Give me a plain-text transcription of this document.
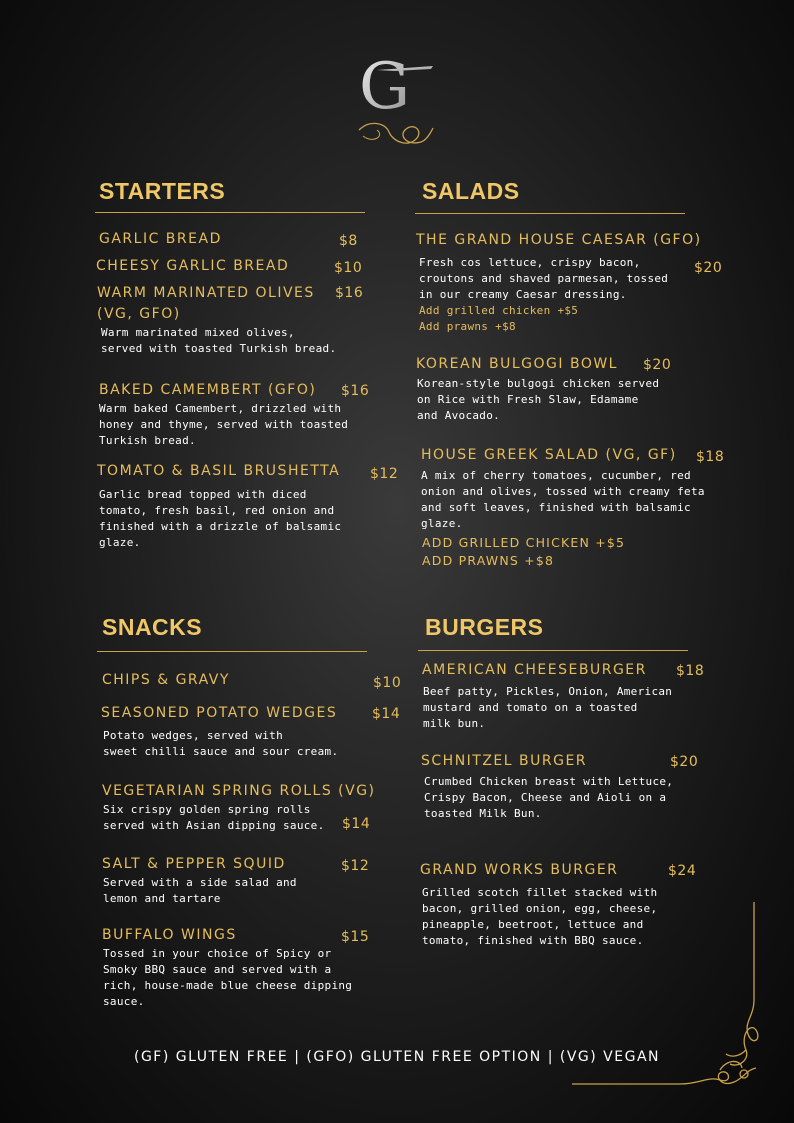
G
STARTERS
GARLIC BREAD	$8
CHEESY GARLIC BREAD	$10
WARM MARINATED OLIVES $16
(VG, GFO)
Warm marinated mixed olives,
served with toasted Turkish bread.
BAKED CAMEMBERT (GFO) $16
Warm baked Camembert, drizzled with
honey and thyme, served with toasted
Turkish bread.
TOMATO & BASIL BRUSHETTA $12
Garlic bread topped with diced
tomato, fresh basil, red onion and
finished with a drizzle of balsamic
glaze.
SALADS
THE GRAND HOUSE CAESAR (GFO)
$20
Fresh cos lettuce, crispy bacon,
croutons and shaved parmesan, tossed
in our creamy Caesar dressing.
Add grilled chicken +$5
Add prawns +$8
KOREAN BULGOGI BOWL $20
Korean-style bulgogi chicken served
on Rice with Fresh Slaw, Edamame
and Avocado.
HOUSE GREEK SALAD (VG, GF) $18
A mix of cherry tomatoes, cucumber, red
onion and olives, tossed with creamy feta
and soft leaves, finished with balsamic
glaze.
ADD GRILLED CHICKEN +$5
ADD PRAWNS +$8
SNACKS
CHIPS & GRAVY	$10
SEASONED POTATO WEDGES $14
Potato wedges, served with
sweet chilli sauce and sour cream.
VEGETARIAN SPRING ROLLS (VG)
$14
Six crispy golden spring rolls
served with Asian dipping sauce.
SALT & PEPPER SQUID	$12
Served with a side salad and
lemon and tartare
BUFFALO WINGS	$15
Tossed in your choice of Spicy or
Smoky BBQ sauce and served with a
rich, house-made blue cheese dipping
sauce.
BURGERS
AMERICAN CHEESEBURGER $18
Beef patty, Pickles, Onion, American
mustard and tomato on a toasted
milk bun.
SCHNITZEL BURGER	$20
Crumbed Chicken breast with Lettuce,
Crispy Bacon, Cheese and Aioli on a
toasted Milk Bun.
GRAND WORKS BURGER	$24
Grilled scotch fillet stacked with
bacon, grilled onion, egg, cheese,
pineapple, beetroot, lettuce and
tomato, finished with BBQ sauce.
(GF) GLUTEN FREE | (GFO) GLUTEN FREE OPTION | (VG) VEGAN
